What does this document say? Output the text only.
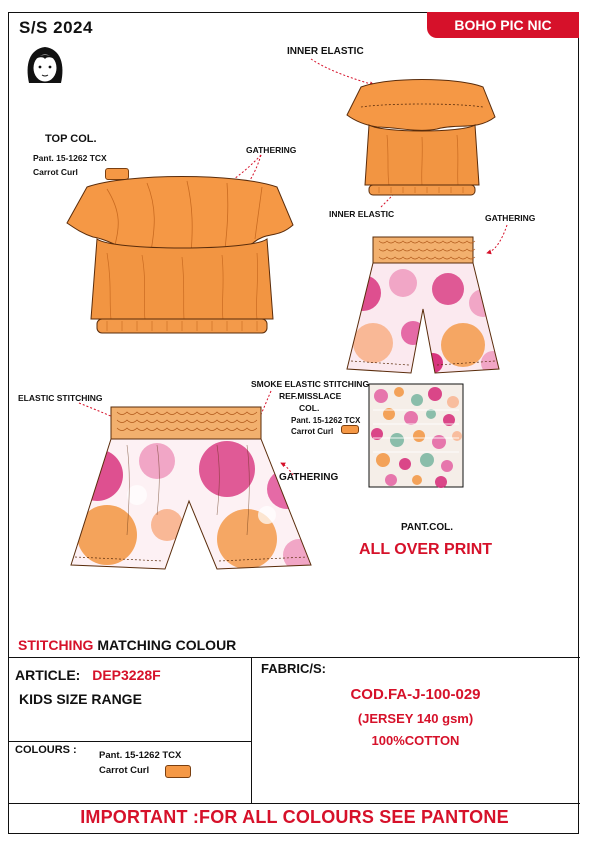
S/S 2024	BOHO PIC NIC
TOP COL.
Pant. 15-1262 TCX
Carrot Curl
INNER ELASTIC
GATHERING
INNER ELASTIC	GATHERING
ELASTIC STITCHING
SMOKE ELASTIC STITCHING
REF.MISSLACE
COL.
Pant. 15-1262 TCX
Carrot Curl
GATHERING
PANT.COL.
ALL OVER PRINT
STITCHING MATCHING COLOUR
ARTICLE: DEP3228F
KIDS SIZE RANGE
FABRIC/S:
COD.FA-J-100-029
(JERSEY 140 gsm)
100%COTTON
COLOURS : Pant. 15-1262 TCX
Carrot Curl
IMPORTANT :FOR ALL COLOURS SEE PANTONE
